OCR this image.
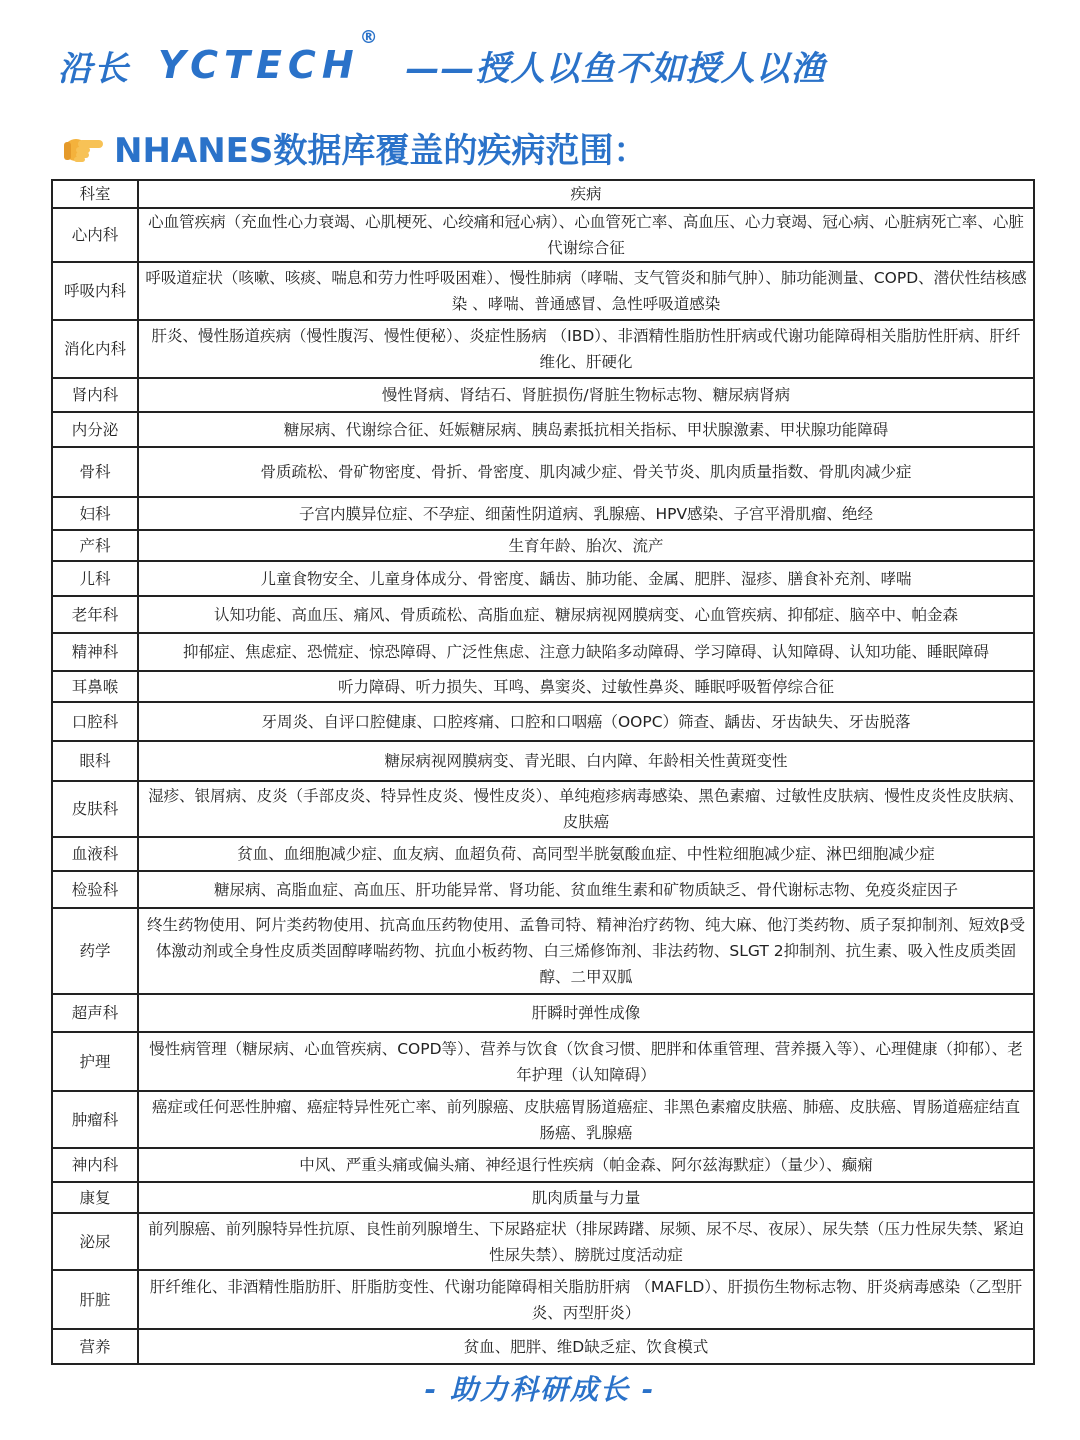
沿长 YCTECH
®
——授人以鱼不如授人以渔
NHANES数据库覆盖的疾病范围：
科室	疾病
心内科	心血管疾病（充血性心力衰竭、心肌梗死、心绞痛和冠心病）、心血管死亡率、高血压、心力衰竭、冠心病、心脏病死亡率、心脏代谢综合征
呼吸内科	呼吸道症状（咳嗽、咳痰、喘息和劳力性呼吸困难）、慢性肺病（哮喘、支气管炎和肺气肿）、肺功能测量、COPD、潜伏性结核感染 、哮喘、普通感冒、急性呼吸道感染
消化内科	肝炎、慢性肠道疾病（慢性腹泻、慢性便秘）、炎症性肠病 （IBD）、非酒精性脂肪性肝病或代谢功能障碍相关脂肪性肝病、肝纤维化、肝硬化
肾内科	慢性肾病、肾结石、肾脏损伤/肾脏生物标志物、糖尿病肾病
内分泌	糖尿病、代谢综合征、妊娠糖尿病、胰岛素抵抗相关指标、甲状腺激素、甲状腺功能障碍
骨科	骨质疏松、骨矿物密度、骨折、骨密度、肌肉减少症、骨关节炎、肌肉质量指数、骨肌肉减少症
妇科	子宫内膜异位症、不孕症、细菌性阴道病、乳腺癌、HPV感染、子宫平滑肌瘤、绝经
产科	生育年龄、胎次、流产
儿科	儿童食物安全、儿童身体成分、骨密度、龋齿、肺功能、金属、肥胖、湿疹、膳食补充剂、哮喘
老年科	认知功能、高血压、痛风、骨质疏松、高脂血症、糖尿病视网膜病变、心血管疾病、抑郁症、脑卒中、帕金森
精神科	抑郁症、焦虑症、恐慌症、惊恐障碍、广泛性焦虑、注意力缺陷多动障碍、学习障碍、认知障碍、认知功能、睡眠障碍
耳鼻喉	听力障碍、听力损失、耳鸣、鼻窦炎、过敏性鼻炎、睡眠呼吸暂停综合征
口腔科	牙周炎、自评口腔健康、口腔疼痛、口腔和口咽癌（OOPC）筛查、龋齿、牙齿缺失、牙齿脱落
眼科	糖尿病视网膜病变、青光眼、白内障、年龄相关性黄斑变性
皮肤科	湿疹、银屑病、皮炎（手部皮炎、特异性皮炎、慢性皮炎）、单纯疱疹病毒感染、黑色素瘤、过敏性皮肤病、慢性皮炎性皮肤病、皮肤癌
血液科	贫血、血细胞减少症、血友病、血超负荷、高同型半胱氨酸血症、中性粒细胞减少症、淋巴细胞减少症
检验科	糖尿病、高脂血症、高血压、肝功能异常、肾功能、贫血维生素和矿物质缺乏、骨代谢标志物、免疫炎症因子
药学	终生药物使用、阿片类药物使用、抗高血压药物使用、孟鲁司特、精神治疗药物、纯大麻、他汀类药物、质子泵抑制剂、短效β受体激动剂或全身性皮质类固醇哮喘药物、抗血小板药物、白三烯修饰剂、非法药物、SLGT 2抑制剂、抗生素、吸入性皮质类固醇、二甲双胍
超声科	肝瞬时弹性成像
护理	慢性病管理（糖尿病、心血管疾病、COPD等）、营养与饮食（饮食习惯、肥胖和体重管理、营养摄入等）、心理健康（抑郁）、老年护理（认知障碍）
肿瘤科	癌症或任何恶性肿瘤、癌症特异性死亡率、前列腺癌、皮肤癌胃肠道癌症、非黑色素瘤皮肤癌、肺癌、皮肤癌、胃肠道癌症结直肠癌、乳腺癌
神内科	中风、严重头痛或偏头痛、神经退行性疾病（帕金森、阿尔兹海默症）（量少）、癫痫
康复	肌肉质量与力量
泌尿	前列腺癌、前列腺特异性抗原、良性前列腺增生、下尿路症状（排尿踌躇、尿频、尿不尽、夜尿）、尿失禁（压力性尿失禁、紧迫性尿失禁）、膀胱过度活动症
肝脏	肝纤维化、非酒精性脂肪肝、肝脂肪变性、代谢功能障碍相关脂肪肝病 （MAFLD）、肝损伤生物标志物、肝炎病毒感染（乙型肝炎、丙型肝炎）
营养	贫血、肥胖、维D缺乏症、饮食模式
- 助力科研成长 -
